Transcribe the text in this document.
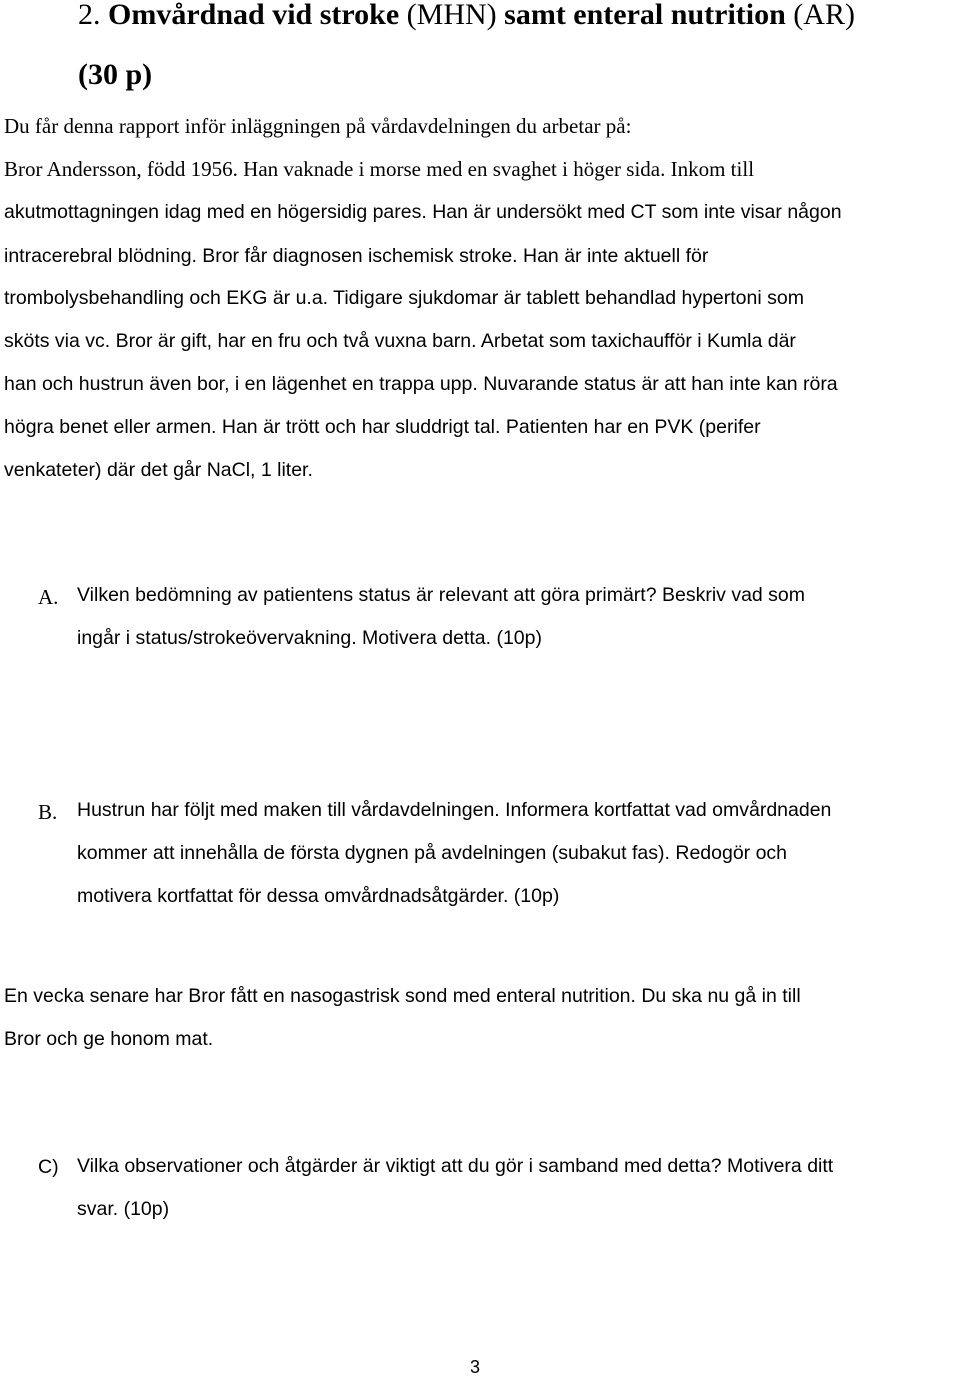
2. Omvårdnad vid stroke (MHN) samt enteral nutrition (AR)
(30 p)
Du får denna rapport inför inläggningen på vårdavdelningen du arbetar på:
Bror Andersson, född 1956. Han vaknade i morse med en svaghet i höger sida. Inkom till
akutmottagningen idag med en högersidig pares. Han är undersökt med CT som inte visar någon
intracerebral blödning. Bror får diagnosen ischemisk stroke. Han är inte aktuell för
trombolysbehandling och EKG är u.a. Tidigare sjukdomar är tablett behandlad hypertoni som
sköts via vc. Bror är gift, har en fru och två vuxna barn. Arbetat som taxichaufför i Kumla där
han och hustrun även bor, i en lägenhet en trappa upp. Nuvarande status är att han inte kan röra
högra benet eller armen. Han är trött och har sluddrigt tal. Patienten har en PVK (perifer
venkateter) där det går NaCl, 1 liter.
A. Vilken bedömning av patientens status är relevant att göra primärt? Beskriv vad som
ingår i status/strokeövervakning. Motivera detta. (10p)
B. Hustrun har följt med maken till vårdavdelningen. Informera kortfattat vad omvårdnaden
kommer att innehålla de första dygnen på avdelningen (subakut fas). Redogör och
motivera kortfattat för dessa omvårdnadsåtgärder. (10p)
En vecka senare har Bror fått en nasogastrisk sond med enteral nutrition. Du ska nu gå in till
Bror och ge honom mat.
C) Vilka observationer och åtgärder är viktigt att du gör i samband med detta? Motivera ditt
svar. (10p)
3
